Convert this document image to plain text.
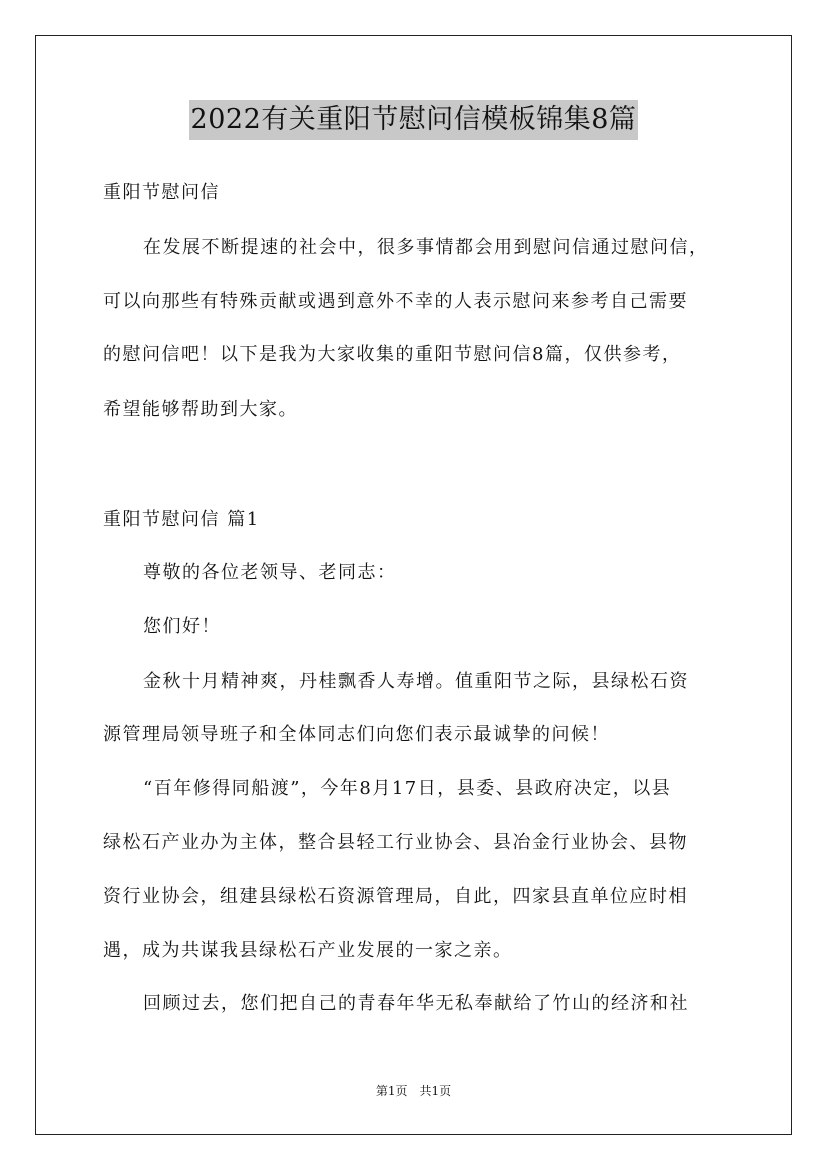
2022有关重阳节慰问信模板锦集8篇
重阳节慰问信
在发展不断提速的社会中，很多事情都会用到慰问信通过慰问信，
可以向那些有特殊贡献或遇到意外不幸的人表示慰问来参考自己需要
的慰问信吧！以下是我为大家收集的重阳节慰问信8篇，仅供参考，
希望能够帮助到大家。
重阳节慰问信 篇1
尊敬的各位老领导、老同志：
您们好！
金秋十月精神爽，丹桂飘香人寿增。值重阳节之际，县绿松石资
源管理局领导班子和全体同志们向您们表示最诚挚的问候！
“百年修得同船渡”，今年8月17日，县委、县政府决定，以县
绿松石产业办为主体，整合县轻工行业协会、县冶金行业协会、县物
资行业协会，组建县绿松石资源管理局，自此，四家县直单位应时相
遇，成为共谋我县绿松石产业发展的一家之亲。
回顾过去，您们把自己的青春年华无私奉献给了竹山的经济和社
第1页　共1页
